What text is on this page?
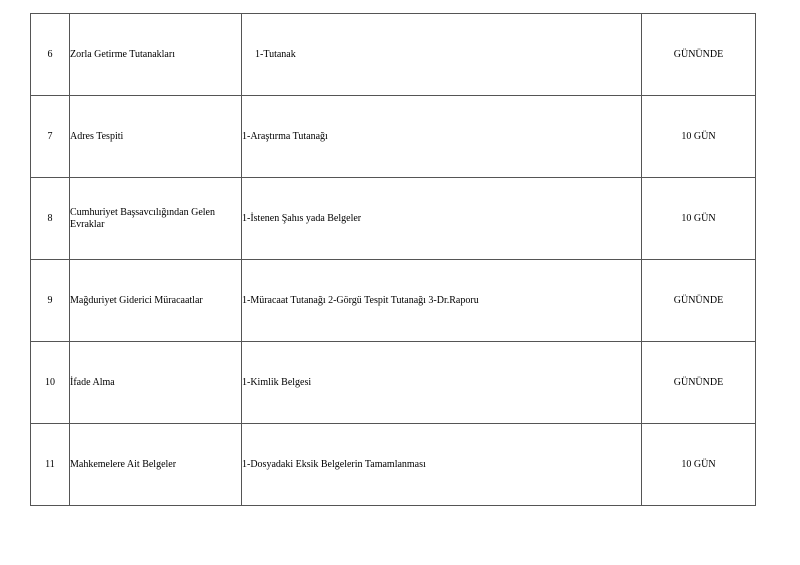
6	Zorla Getirme Tutanakları	1-Tutanak	GÜNÜNDE
7	Adres Tespiti	1-Araştırma Tutanağı	10 GÜN
8	Cumhuriyet Başsavcılığından Gelen Evraklar	1-İstenen Şahıs yada Belgeler	10 GÜN
9	Mağduriyet Giderici Müracaatlar	1-Müracaat Tutanağı 2-Görgü Tespit Tutanağı 3-Dr.Raporu	GÜNÜNDE
10	İfade Alma	1-Kimlik Belgesi	GÜNÜNDE
11	Mahkemelere Ait Belgeler	1-Dosyadaki Eksik Belgelerin Tamamlanması	10 GÜN
